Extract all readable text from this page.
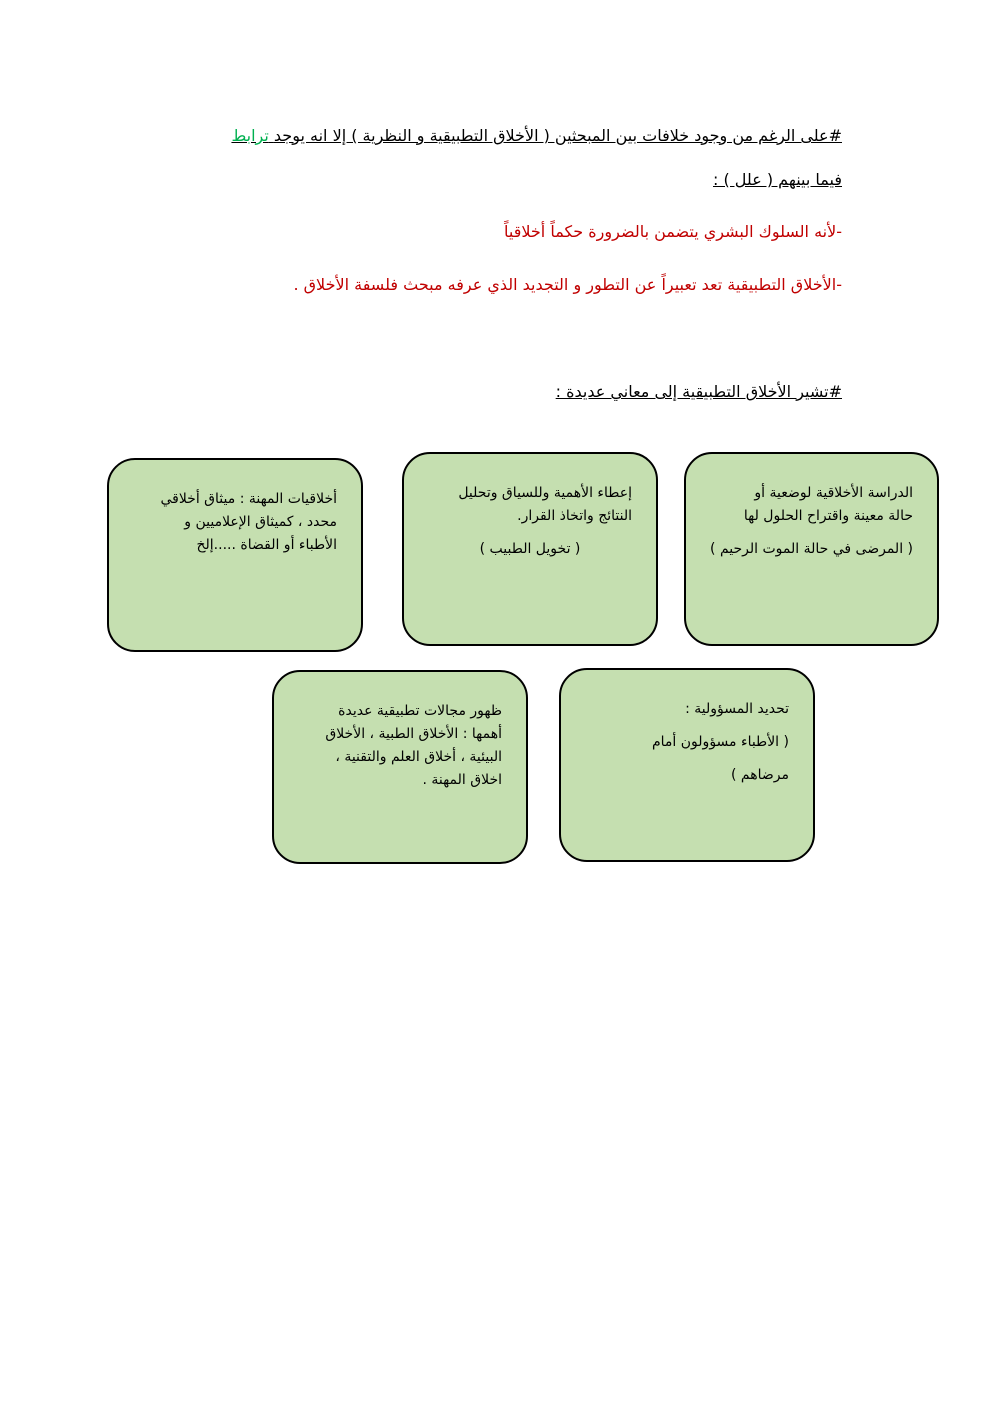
#على الرغم من وجود خلافات بين المبحثين ( الأخلاق التطبيقية و النظرية ) إلا انه يوجد ترابط
فيما بينهم ( علل ) :
-لأنه السلوك البشري يتضمن بالضرورة حكماً أخلاقياً
-الأخلاق التطبيقية تعد تعبيراً عن التطور و التجديد الذي عرفه مبحث فلسفة الأخلاق .
#تشير الأخلاق التطبيقية إلى معاني عديدة :

الدراسة الأخلاقية لوضعية أو

حالة معينة واقتراح الحلول لها

( المرضى في حالة الموت الرحيم )

إعطاء الأهمية وللسياق وتحليل

النتائج واتخاذ القرار.

( تخويل الطبيب )

أخلاقيات المهنة : ميثاق أخلاقي

محدد ، كميثاق الإعلاميين و

الأطباء أو القضاة .....إلخ

تحديد المسؤولية :

( الأطباء مسؤولون أمام

مرضاهم )

ظهور مجالات تطبيقية عديدة

أهمها : الأخلاق الطبية ، الأخلاق

البيئية ، أخلاق العلم والتقنية ،

اخلاق المهنة .
